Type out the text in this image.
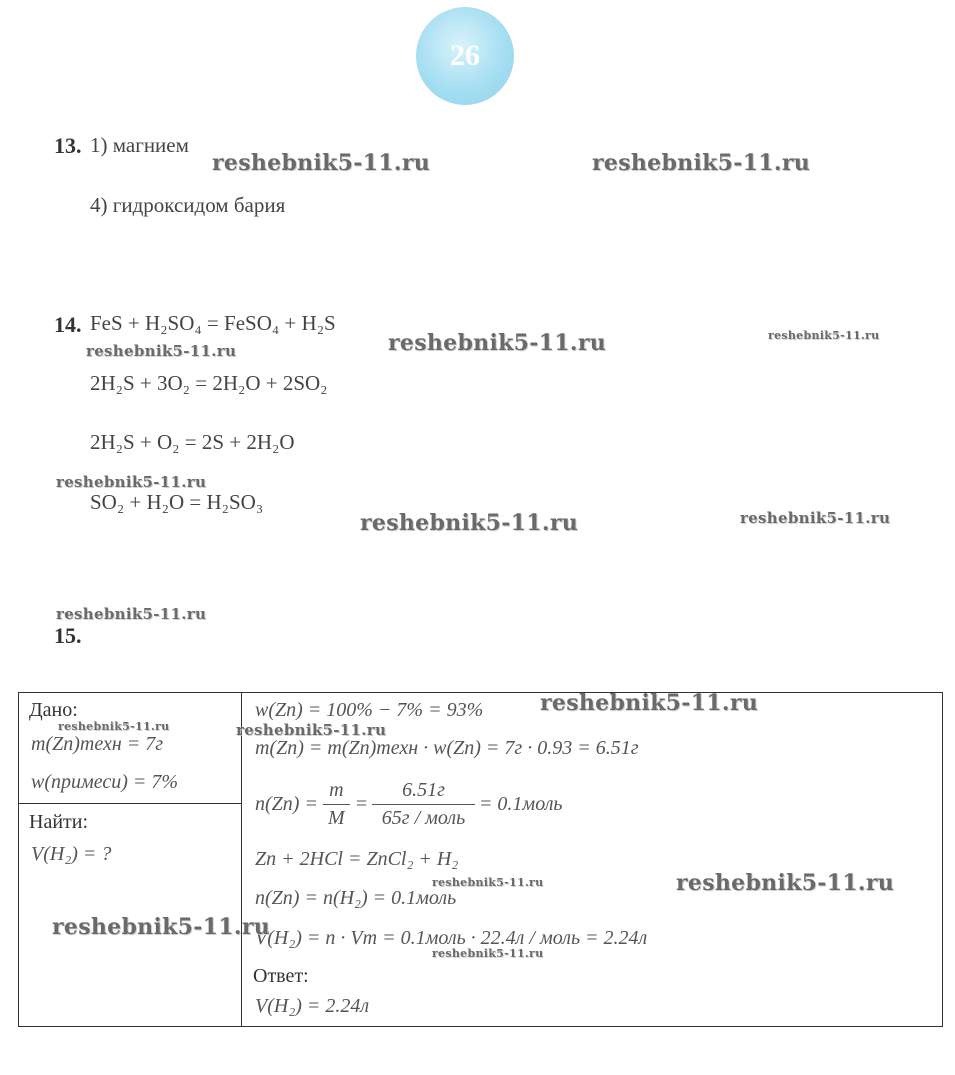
26
13. 1) магнием
4) гидроксидом бария
14. FeS + H₂SO₄ = FeSO₄ + H₂S
2H₂S + 3O₂ = 2H₂O + 2SO₂
2H₂S + O₂ = 2S + 2H₂O
SO₂ + H₂O = H₂SO₃
15.
Дано:
m(Zn)техн = 7г
w(примеси) = 7%
Найти:
V(H₂) = ?
w(Zn) = 100% − 7% = 93%
m(Zn) = m(Zn)техн · w(Zn) = 7г · 0.93 = 6.51г
$n(Zn) = \frac{m}{M} = \frac{6.51г}{\text{65г / моль}}$ = 0.1моль
Zn + 2HCl = ZnCl₂ + H₂
n(Zn) = n(H₂) = 0.1моль
V(H₂) = n · Vm = 0.1моль · 22.4л / моль = 2.24л
Ответ:
V(H₂) = 2.24л
reshebnik5-11.ru	reshebnik5-11.ru
reshebnik5-11.ru
reshebnik5-11.ru
reshebnik5-11.ru
reshebnik5-11.ru
reshebnik5-11.ru	reshebnik5-11.ru
reshebnik5-11.ru
reshebnik5-11.ru
reshebnik5-11.ru	reshebnik5-11.ru
reshebnik5-11.ru	reshebnik5-11.ru
reshebnik5-11.ru
reshebnik5-11.ru
